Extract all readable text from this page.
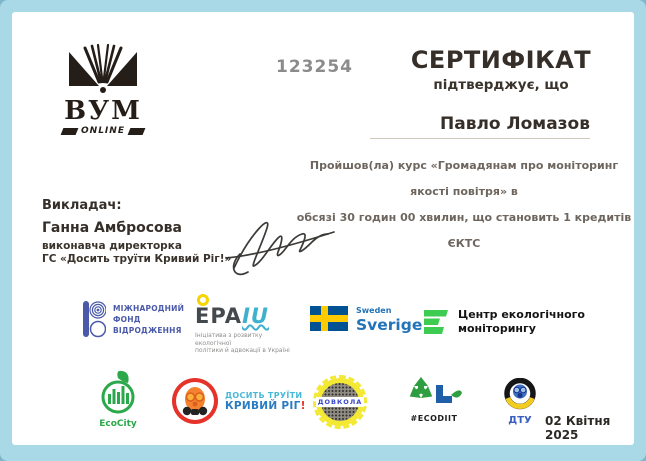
ВУМ
ONLINE
123254	СЕРТИФІКАТ
підтверджує, що
Павло Ломазов
Пройшов(ла) курс «Громадянам про моніторинг якості повітря» в
обсязі 30 годин 00 хвилин, що становить 1 кредитів ЄКТС
Викладач:
Ганна Амбросова
виконавча директорка
ГС «Досить труїти Кривий Ріг!»
МІЖНАРОДНИЙ
ФОНД
ВІДРОДЖЕННЯ
EPAIU
Ініціатива з розвитку екологічної
політики й адвокації в Україні
Sweden
Sverige
Центр екологічного
моніторингу
EcoCity
ДОСИТЬ ТРУЇТИ
КРИВИЙ РІГ! ДОВКОЛА
#ECODIIT	ДТУ	02 Квітня 2025
